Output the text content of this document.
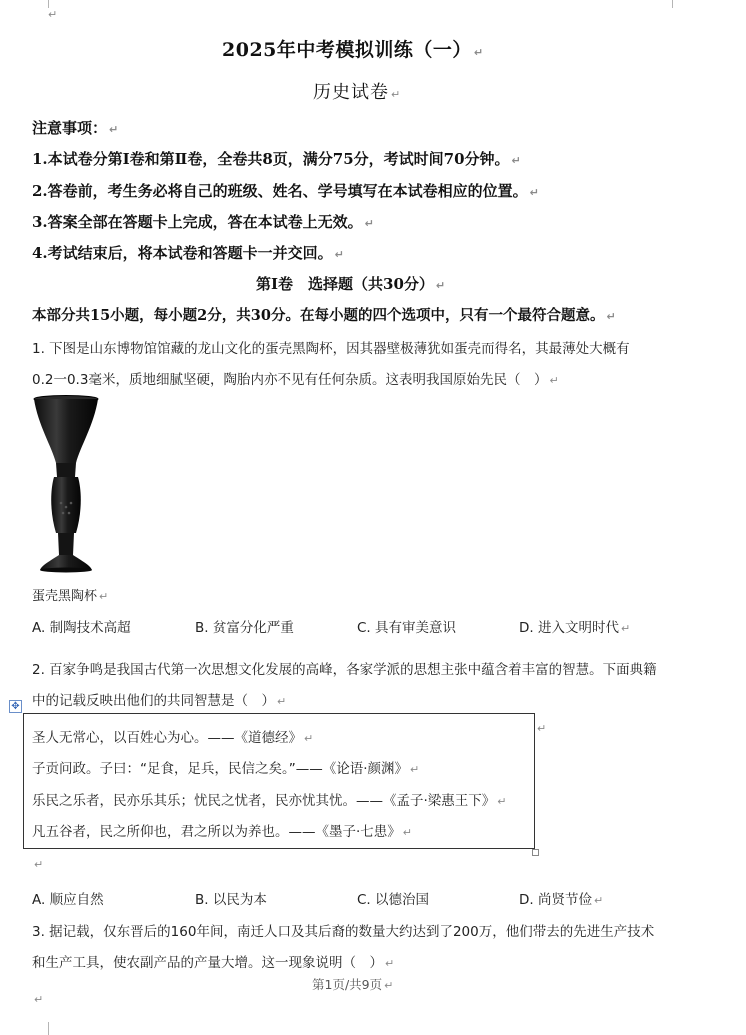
↵
2025年中考模拟训练（一） ↵
历史试卷 ↵
注意事项： ↵
1.本试卷分第Ⅰ卷和第Ⅱ卷，全卷共8页，满分75分，考试时间70分钟。 ↵
2.答卷前，考生务必将自己的班级、姓名、学号填写在本试卷相应的位置。 ↵
3.答案全部在答题卡上完成，答在本试卷上无效。 ↵
4.考试结束后，将本试卷和答题卡一并交回。 ↵
第Ⅰ卷　选择题（共30分） ↵
本部分共15小题，每小题2分，共30分。在每小题的四个选项中，只有一个最符合题意。 ↵
1. 下图是山东博物馆馆藏的龙山文化的蛋壳黑陶杯，因其器壁极薄犹如蛋壳而得名，其最薄处大概有
0.2一0.3毫米，质地细腻坚硬，陶胎内亦不见有任何杂质。这表明我国原始先民（　） ↵
蛋壳黑陶杯 ↵
A. 制陶技术高超	B. 贫富分化严重	C. 具有审美意识	D. 进入文明时代 ↵
2. 百家争鸣是我国古代第一次思想文化发展的高峰，各家学派的思想主张中蕴含着丰富的智慧。下面典籍
中的记载反映出他们的共同智慧是（　） ↵
✥
圣人无常心，以百姓心为心。——《道德经》 ↵
子贡问政。子曰：“足食，足兵，民信之矣。”——《论语·颜渊》 ↵
乐民之乐者，民亦乐其乐；忧民之忧者，民亦忧其忧。——《孟子·梁惠王下》 ↵
凡五谷者，民之所仰也，君之所以为养也。——《墨子·七患》 ↵
↵
↵
A. 顺应自然	B. 以民为本	C. 以德治国	D. 尚贤节俭 ↵
3. 据记载，仅东晋后的160年间，南迁人口及其后裔的数量大约达到了200万，他们带去的先进生产技术
和生产工具，使农副产品的产量大增。这一现象说明（　） ↵
第1页/共9页 ↵
↵
